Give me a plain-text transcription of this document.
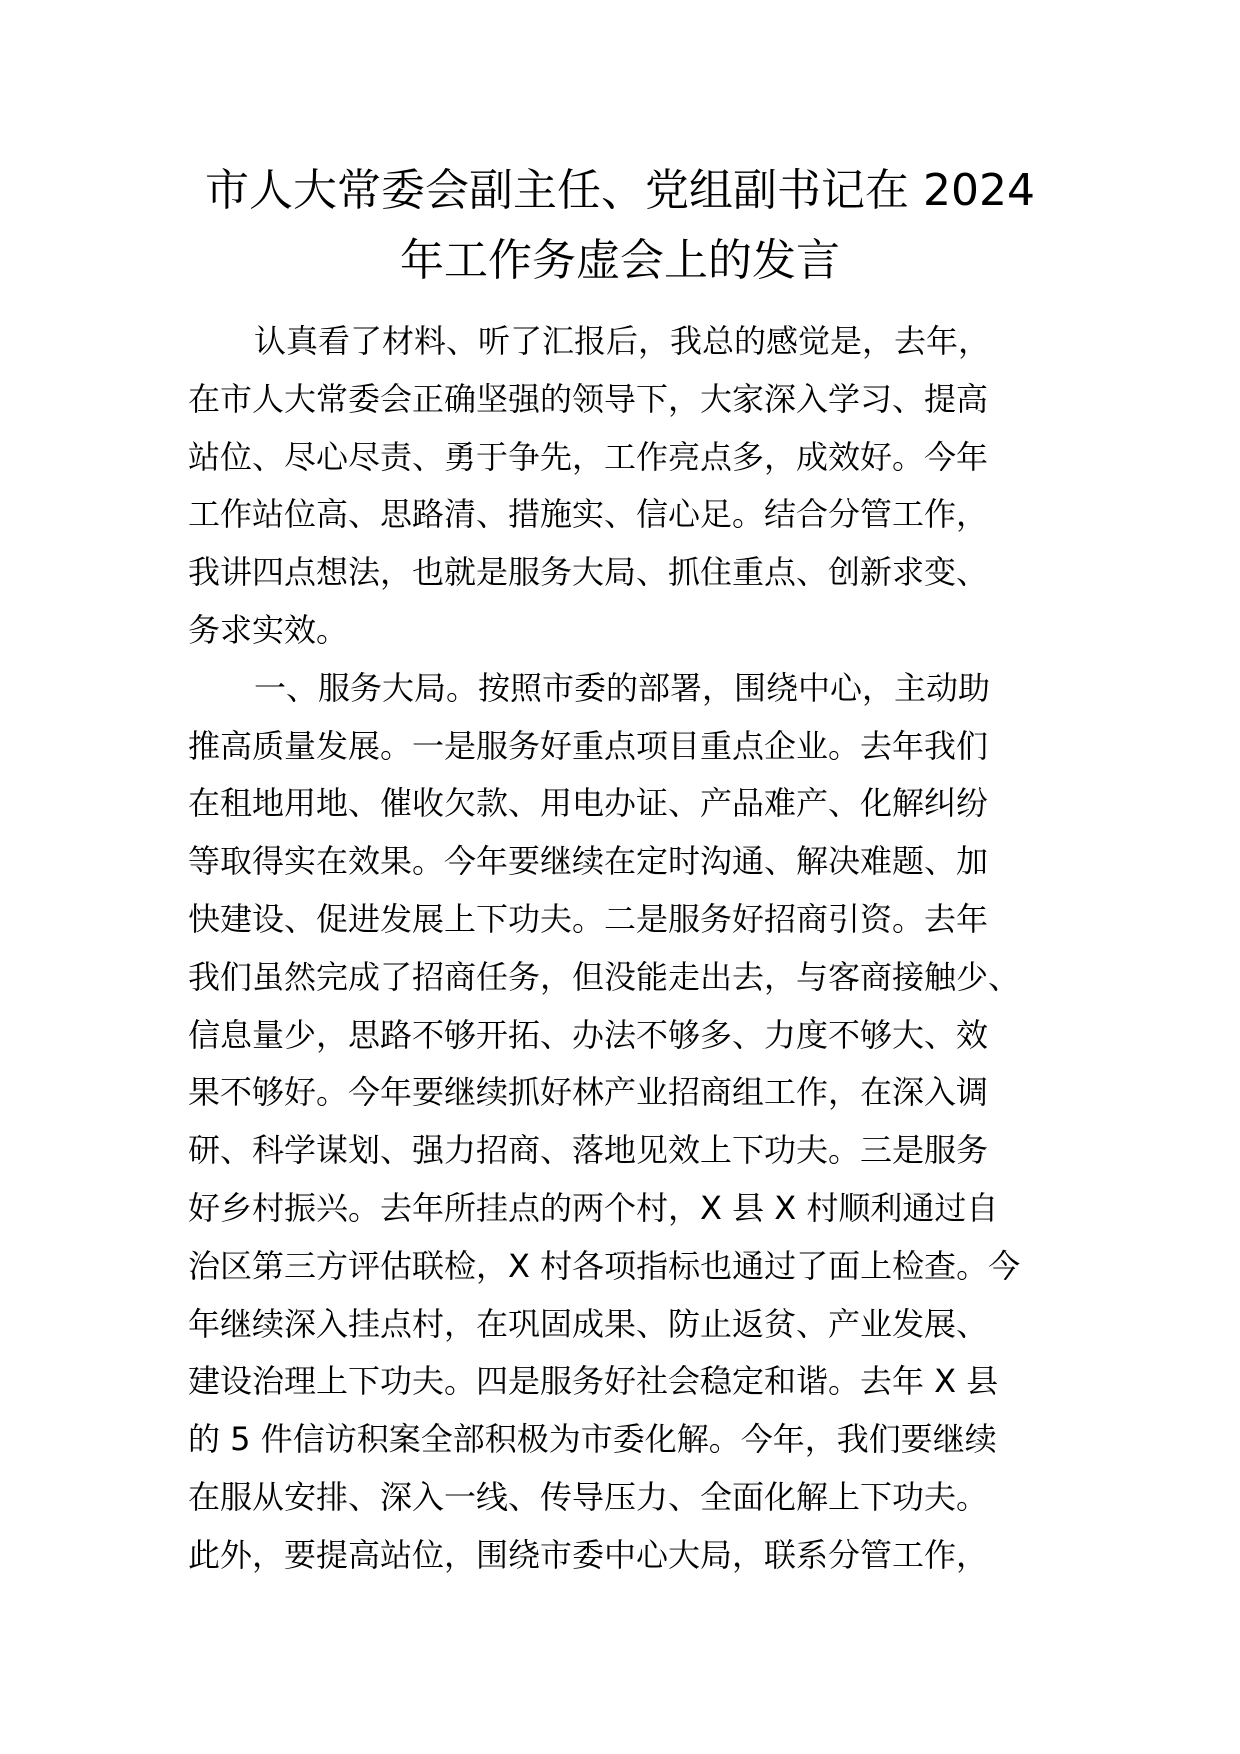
市人大常委会副主任、党组副书记在 2024
年工作务虚会上的发言

认真看了材料、听了汇报后，我总的感觉是，去年，
在市人大常委会正确坚强的领导下，大家深入学习、提高
站位、尽心尽责、勇于争先，工作亮点多，成效好。今年
工作站位高、思路清、措施实、信心足。结合分管工作，
我讲四点想法，也就是服务大局、抓住重点、创新求变、
务求实效。

一、服务大局。按照市委的部署，围绕中心，主动助
推高质量发展。一是服务好重点项目重点企业。去年我们
在租地用地、催收欠款、用电办证、产品难产、化解纠纷
等取得实在效果。今年要继续在定时沟通、解决难题、加
快建设、促进发展上下功夫。二是服务好招商引资。去年
我们虽然完成了招商任务，但没能走出去，与客商接触少、
信息量少，思路不够开拓、办法不够多、力度不够大、效
果不够好。今年要继续抓好林产业招商组工作，在深入调
研、科学谋划、强力招商、落地见效上下功夫。三是服务
好乡村振兴。去年所挂点的两个村，X 县 X 村顺利通过自
治区第三方评估联检，X 村各项指标也通过了面上检查。今
年继续深入挂点村，在巩固成果、防止返贫、产业发展、
建设治理上下功夫。四是服务好社会稳定和谐。去年 X 县
的 5 件信访积案全部积极为市委化解。今年，我们要继续
在服从安排、深入一线、传导压力、全面化解上下功夫。
此外，要提高站位，围绕市委中心大局，联系分管工作，
